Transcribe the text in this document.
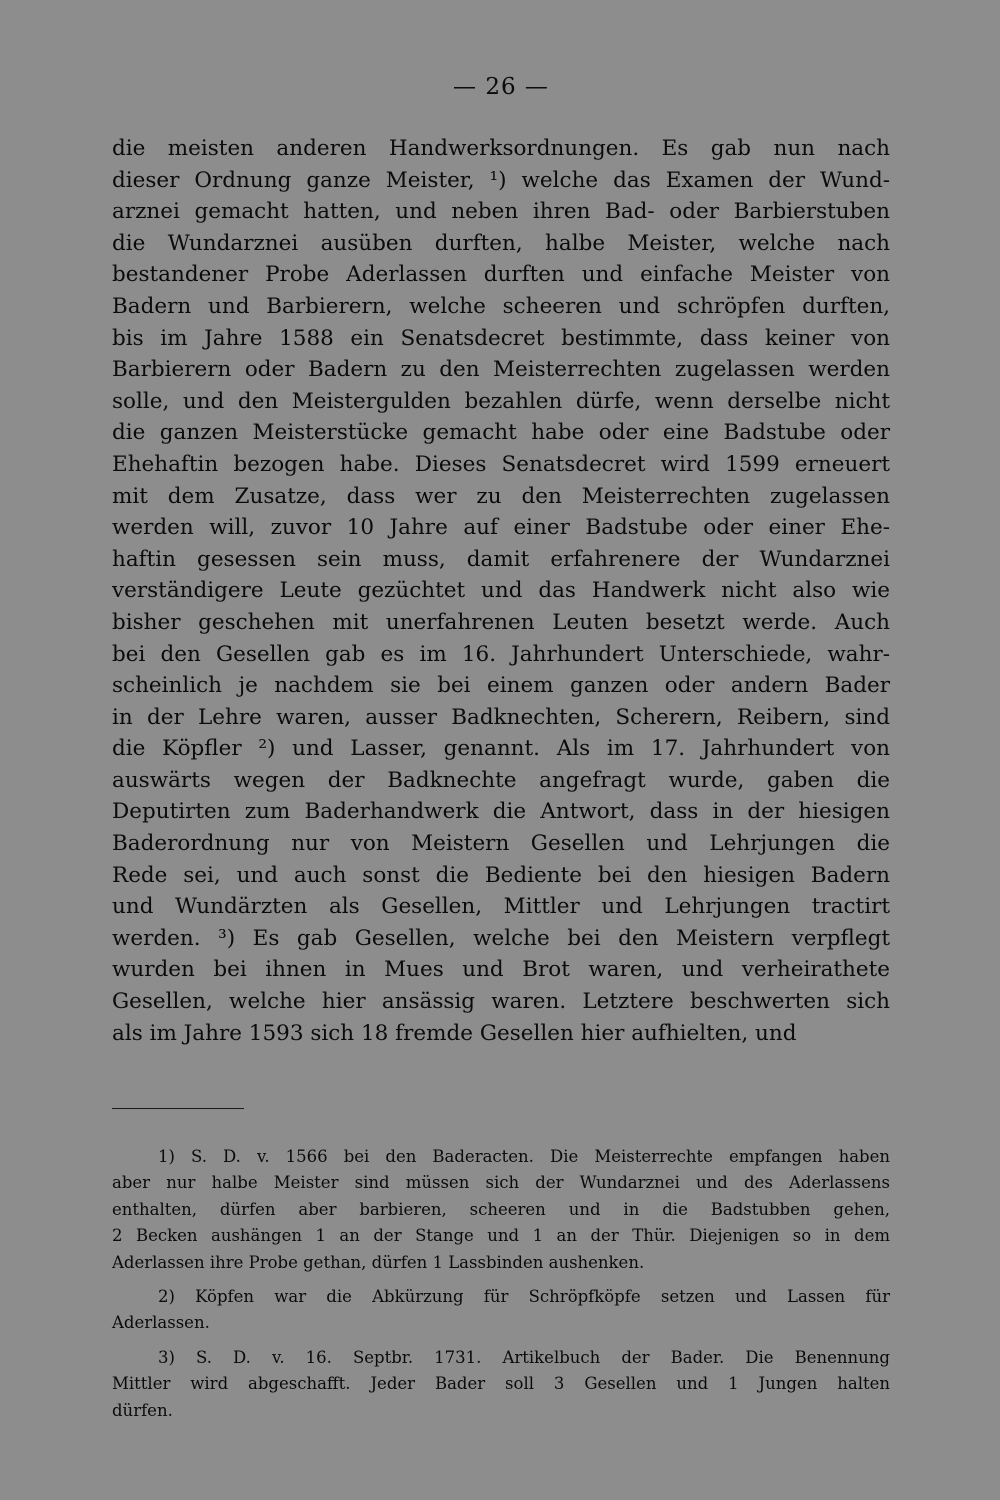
— 26 —
die meisten anderen Handwerksordnungen. Es gab nun nach
dieser Ordnung ganze Meister, ¹) welche das Examen der Wund-
arznei gemacht hatten, und neben ihren Bad- oder Barbierstuben
die Wundarznei ausüben durften, halbe Meister, welche nach
bestandener Probe Aderlassen durften und einfache Meister von
Badern und Barbierern, welche scheeren und schröpfen durften,
bis im Jahre 1588 ein Senatsdecret bestimmte, dass keiner von
Barbierern oder Badern zu den Meisterrechten zugelassen werden
solle, und den Meistergulden bezahlen dürfe, wenn derselbe nicht
die ganzen Meisterstücke gemacht habe oder eine Badstube oder
Ehehaftin bezogen habe. Dieses Senatsdecret wird 1599 erneuert
mit dem Zusatze, dass wer zu den Meisterrechten zugelassen
werden will, zuvor 10 Jahre auf einer Badstube oder einer Ehe-
haftin gesessen sein muss, damit erfahrenere der Wundarznei
verständigere Leute gezüchtet und das Handwerk nicht also wie
bisher geschehen mit unerfahrenen Leuten besetzt werde. Auch
bei den Gesellen gab es im 16. Jahrhundert Unterschiede, wahr-
scheinlich je nachdem sie bei einem ganzen oder andern Bader
in der Lehre waren, ausser Badknechten, Scherern, Reibern, sind
die Köpfler ²) und Lasser, genannt. Als im 17. Jahrhundert von
auswärts wegen der Badknechte angefragt wurde, gaben die
Deputirten zum Baderhandwerk die Antwort, dass in der hiesigen
Baderordnung nur von Meistern Gesellen und Lehrjungen die
Rede sei, und auch sonst die Bediente bei den hiesigen Badern
und Wundärzten als Gesellen, Mittler und Lehrjungen tractirt
werden. ³) Es gab Gesellen, welche bei den Meistern verpflegt
wurden bei ihnen in Mues und Brot waren, und verheirathete
Gesellen, welche hier ansässig waren. Letztere beschwerten sich
als im Jahre 1593 sich 18 fremde Gesellen hier aufhielten, und
1) S. D. v. 1566 bei den Baderacten. Die Meisterrechte empfangen haben
aber nur halbe Meister sind müssen sich der Wundarznei und des Aderlassens
enthalten, dürfen aber barbieren, scheeren und in die Badstubben gehen,
2 Becken aushängen 1 an der Stange und 1 an der Thür. Diejenigen so in dem
Aderlassen ihre Probe gethan, dürfen 1 Lassbinden aushenken.
2) Köpfen war die Abkürzung für Schröpfköpfe setzen und Lassen für
Aderlassen.
3) S. D. v. 16. Septbr. 1731. Artikelbuch der Bader. Die Benennung
Mittler wird abgeschafft. Jeder Bader soll 3 Gesellen und 1 Jungen halten
dürfen.
